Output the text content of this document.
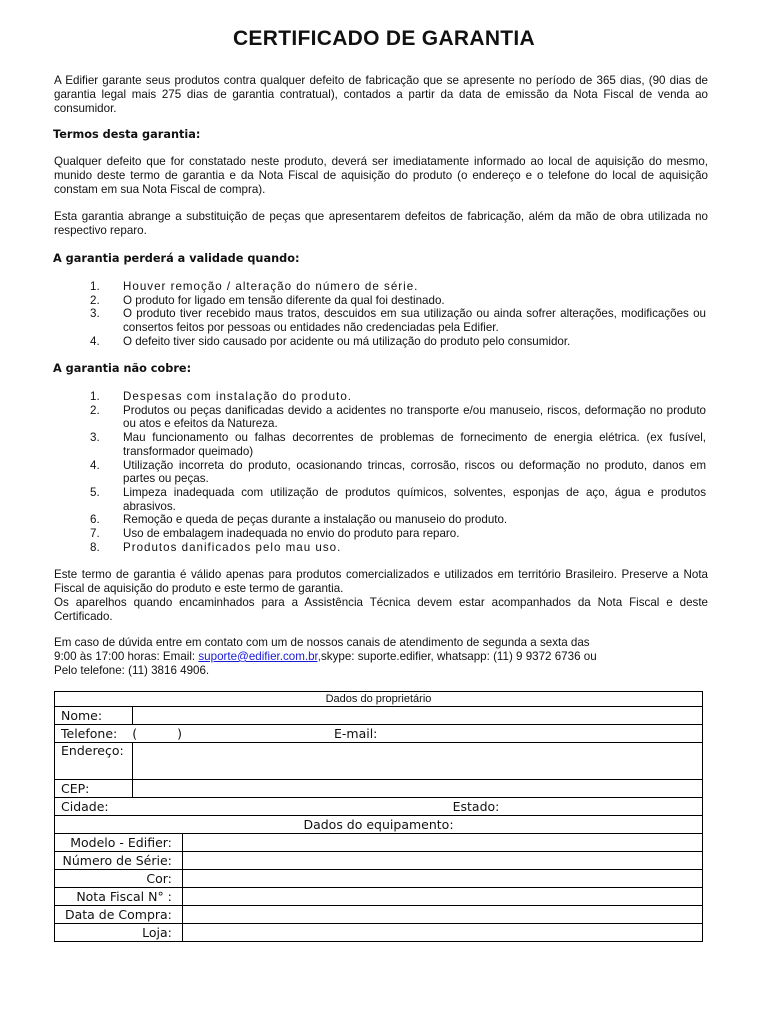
CERTIFICADO DE GARANTIA

A Edifier garante seus produtos contra qualquer defeito de fabricação que se apresente no período de 365 dias, (90 dias de garantia legal mais 275 dias de garantia contratual), contados a partir da data de emissão da Nota Fiscal de venda ao consumidor.

Termos desta garantia:

Qualquer defeito que for constatado neste produto, deverá ser imediatamente informado ao local de aquisição do mesmo, munido deste termo de garantia e da Nota Fiscal de aquisição do produto (o endereço e o telefone do local de aquisição constam em sua Nota Fiscal de compra).

Esta garantia abrange a substituição de peças que apresentarem defeitos de fabricação, além da mão de obra utilizada no respectivo reparo.

A garantia perderá a validade quando:

1. Houver remoção / alteração do número de série.
2. O produto for ligado em tensão diferente da qual foi destinado.
3. O produto tiver recebido maus tratos, descuidos em sua utilização ou ainda sofrer alterações, modificações ou consertos feitos por pessoas ou entidades não credenciadas pela Edifier.
4. O defeito tiver sido causado por acidente ou má utilização do produto pelo consumidor.

A garantia não cobre:

1. Despesas com instalação do produto.
2. Produtos ou peças danificadas devido a acidentes no transporte e/ou manuseio, riscos, deformação no produto ou atos e efeitos da Natureza.
3. Mau funcionamento ou falhas decorrentes de problemas de fornecimento de energia elétrica. (ex fusível, transformador queimado)
4. Utilização incorreta do produto, ocasionando trincas, corrosão, riscos ou deformação no produto, danos em partes ou peças.
5. Limpeza inadequada com utilização de produtos químicos, solventes, esponjas de aço, água e produtos abrasivos.
6. Remoção e queda de peças durante a instalação ou manuseio do produto.
7. Uso de embalagem inadequada no envio do produto para reparo.
8. Produtos danificados pelo mau uso.

Este termo de garantia é válido apenas para produtos comercializados e utilizados em território Brasileiro. Preserve a Nota Fiscal de aquisição do produto e este termo de garantia.

Os aparelhos quando encaminhados para a Assistência Técnica devem estar acompanhados da Nota Fiscal e deste Certificado.

Em caso de dúvida entre em contato com um de nossos canais de atendimento de segunda a sexta das
9:00 às 17:00 horas: Email: suporte@edifier.com.br,skype: suporte.edifier, whatsapp: (11) 9 9372 6736 ou
Pelo telefone: (11) 3816 4906.

Dados do proprietário		
Nome:		
Telefone: ( ) E-mail:		
Endereço:		
CEP:		
Cidade: Estado:		
Dados do equipamento:		
Modelo - Edifier:		
Número de Série:		
Cor:		
Nota Fiscal N° :		
Data de Compra:		
Loja:		
